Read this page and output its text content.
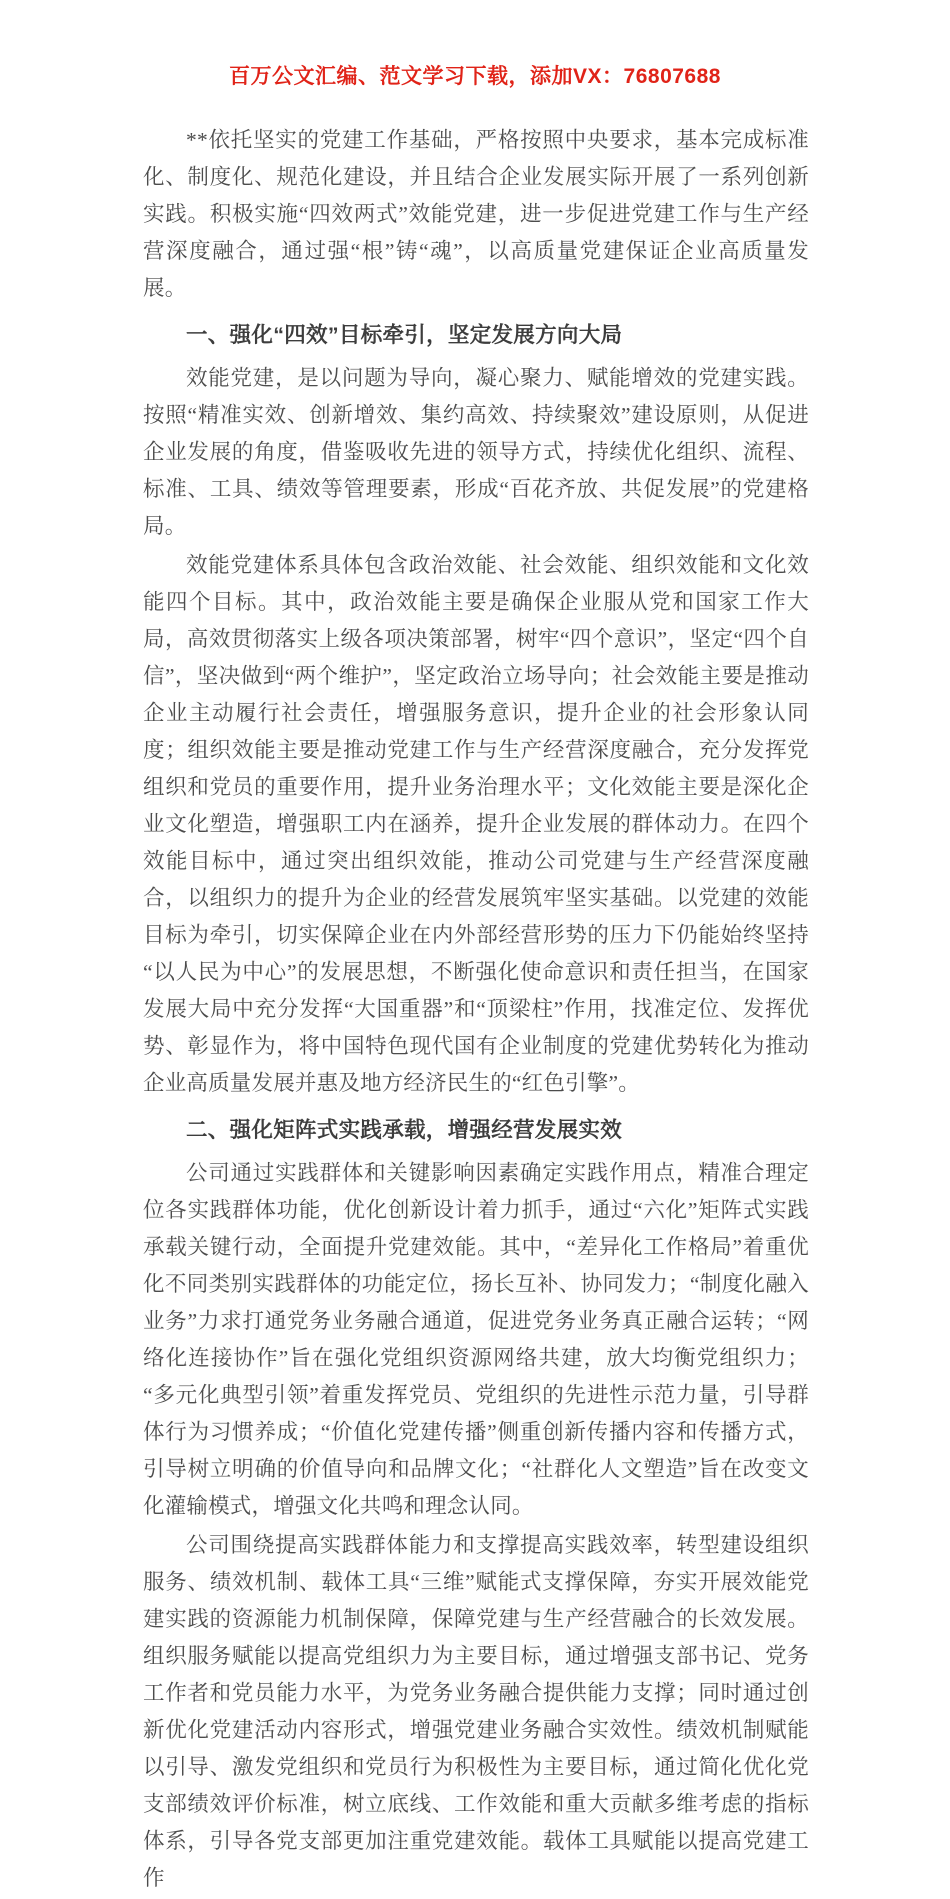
百万公文汇编、范文学习下载，添加VX：76807688

**依托坚实的党建工作基础，严格按照中央要求，基本完成标准化、制度化、规范化建设，并且结合企业发展实际开展了一系列创新实践。积极实施“四效两式”效能党建，进一步促进党建工作与生产经营深度融合，通过强“根”铸“魂”，以高质量党建保证企业高质量发展。

一、强化“四效”目标牵引，坚定发展方向大局

效能党建，是以问题为导向，凝心聚力、赋能增效的党建实践。按照“精准实效、创新增效、集约高效、持续聚效”建设原则，从促进企业发展的角度，借鉴吸收先进的领导方式，持续优化组织、流程、标准、工具、绩效等管理要素，形成“百花齐放、共促发展”的党建格局。

效能党建体系具体包含政治效能、社会效能、组织效能和文化效能四个目标。其中，政治效能主要是确保企业服从党和国家工作大局，高效贯彻落实上级各项决策部署，树牢“四个意识”，坚定“四个自信”，坚决做到“两个维护”，坚定政治立场导向；社会效能主要是推动企业主动履行社会责任，增强服务意识，提升企业的社会形象认同度；组织效能主要是推动党建工作与生产经营深度融合，充分发挥党组织和党员的重要作用，提升业务治理水平；文化效能主要是深化企业文化塑造，增强职工内在涵养，提升企业发展的群体动力。在四个效能目标中，通过突出组织效能，推动公司党建与生产经营深度融合，以组织力的提升为企业的经营发展筑牢坚实基础。以党建的效能目标为牵引，切实保障企业在内外部经营形势的压力下仍能始终坚持“以人民为中心”的发展思想，不断强化使命意识和责任担当，在国家发展大局中充分发挥“大国重器”和“顶梁柱”作用，找准定位、发挥优势、彰显作为，将中国特色现代国有企业制度的党建优势转化为推动企业高质量发展并惠及地方经济民生的“红色引擎”。

二、强化矩阵式实践承载，增强经营发展实效

公司通过实践群体和关键影响因素确定实践作用点，精准合理定位各实践群体功能，优化创新设计着力抓手，通过“六化”矩阵式实践承载关键行动，全面提升党建效能。其中，“差异化工作格局”着重优化不同类别实践群体的功能定位，扬长互补、协同发力；“制度化融入业务”力求打通党务业务融合通道，促进党务业务真正融合运转；“网络化连接协作”旨在强化党组织资源网络共建，放大均衡党组织力；“多元化典型引领”着重发挥党员、党组织的先进性示范力量，引导群体行为习惯养成；“价值化党建传播”侧重创新传播内容和传播方式，引导树立明确的价值导向和品牌文化；“社群化人文塑造”旨在改变文化灌输模式，增强文化共鸣和理念认同。

公司围绕提高实践群体能力和支撑提高实践效率，转型建设组织服务、绩效机制、载体工具“三维”赋能式支撑保障，夯实开展效能党建实践的资源能力机制保障，保障党建与生产经营融合的长效发展。组织服务赋能以提高党组织力为主要目标，通过增强支部书记、党务工作者和党员能力水平，为党务业务融合提供能力支撑；同时通过创新优化党建活动内容形式，增强党建业务融合实效性。绩效机制赋能以引导、激发党组织和党员行为积极性为主要目标，通过简化优化党支部绩效评价标准，树立底线、工作效能和重大贡献多维考虑的指标体系，引导各党支部更加注重党建效能。载体工具赋能以提高党建工作
